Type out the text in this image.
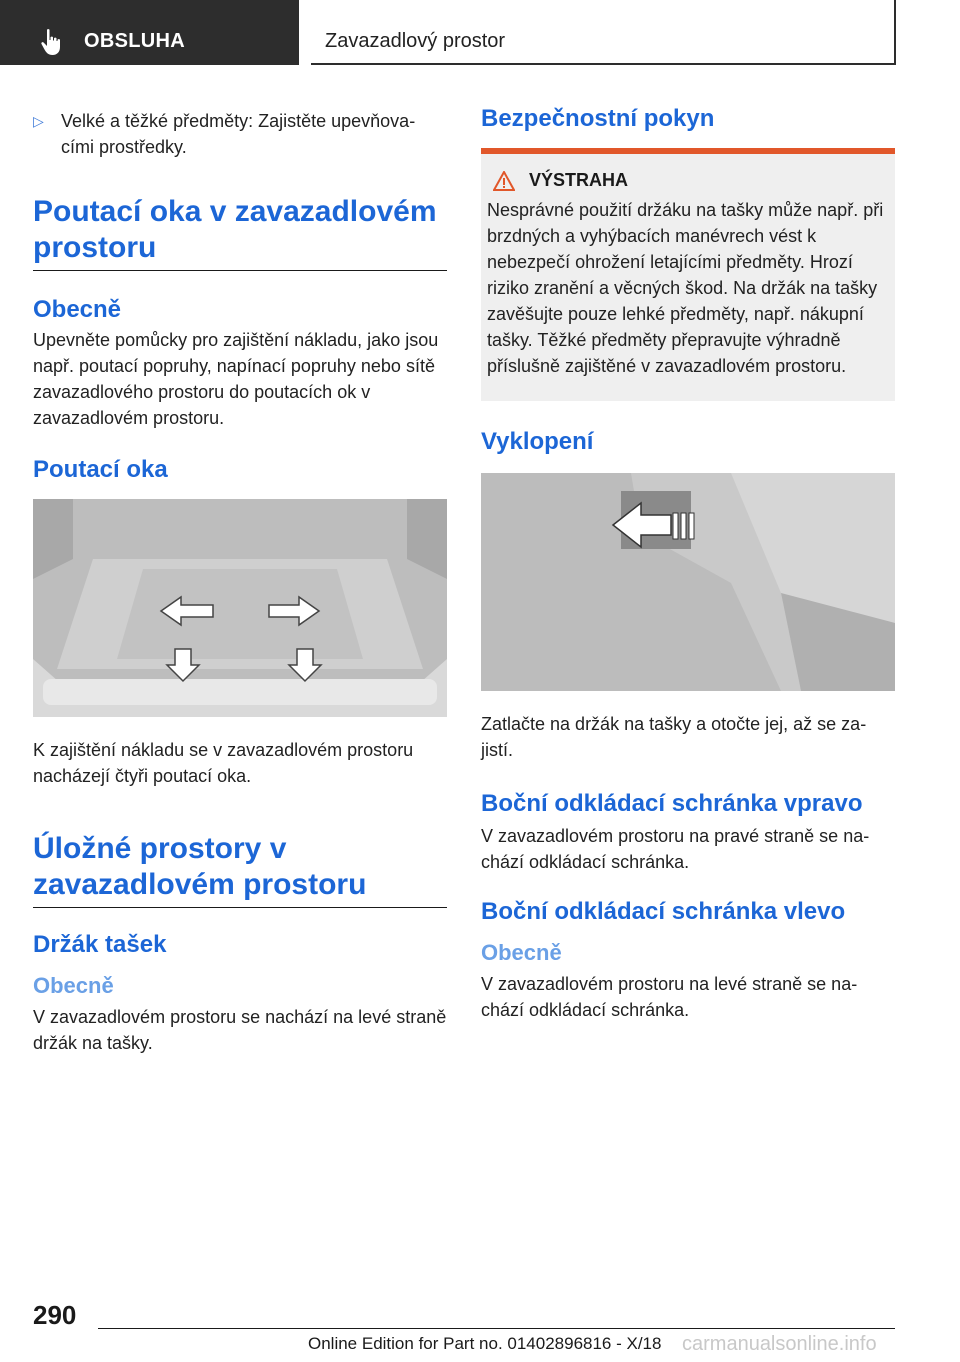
OBSLUHA	Zavazadlový prostor

▷ Velké a těžké předměty: Zajistěte upevňova-cími prostředky.

Poutací oka v zavazadlovém prostoru
Obecně

Upevněte pomůcky pro zajištění nákladu, jako jsou např. poutací popruhy, napínací popruhy nebo sítě zavazadlového prostoru do poutacích ok v zavazadlovém prostoru.

Poutací oka

K zajištění nákladu se v zavazadlovém prostoru nacházejí čtyři poutací oka.

Úložné prostory v zavazadlovém prostoru
Držák tašek
Obecně

V zavazadlovém prostoru se nachází na levé straně držák na tašky.

Bezpečnostní pokyn
VÝSTRAHA

Nesprávné použití držáku na tašky může např. při brzdných a vyhýbacích manévrech vést k nebezpečí ohrožení letajícími předměty. Hrozí riziko zranění a věcných škod. Na držák na tašky zavěšujte pouze lehké předměty, např. nákupní tašky. Těžké předměty přepravujte výhradně příslušně zajištěné v zavazadlovém prostoru.

Vyklopení

Zatlačte na držák na tašky a otočte jej, až se za-jistí.

Boční odkládací schránka vpravo

V zavazadlovém prostoru na pravé straně se na-chází odkládací schránka.

Boční odkládací schránka vlevo
Obecně

V zavazadlovém prostoru na levé straně se na-chází odkládací schránka.

290
Online Edition for Part no. 01402896816 - X/18 carmanualsonline.info
